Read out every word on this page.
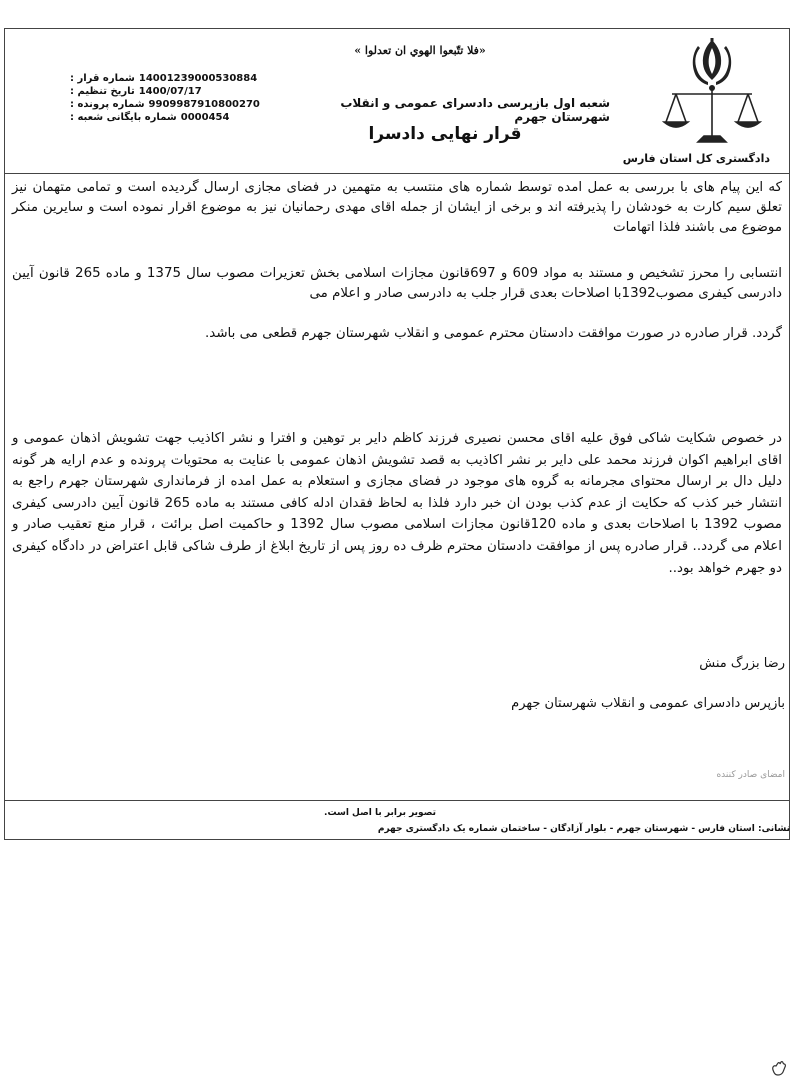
«فلا تتّبعوا الهوي ان تعدلوا »
شعبه اول بازپرسی دادسرای عمومی و انقلاب شهرستان جهرم
قرار نهایی دادسرا
دادگستری کل استان فارس
شماره قرار : 14001239000530884
تاریخ تنظیم : 1400/07/17
شماره پرونده : 9909987910800270
شماره بایگانی شعبه : 0000454
که این پیام های با بررسی به عمل امده توسط شماره های منتسب به متهمین در فضای مجازی ارسال گردیده است و تمامی متهمان نیز تعلق سیم کارت به خودشان را پذیرفته اند و برخی از ایشان از جمله اقای مهدی رحمانیان نیز به موضوع اقرار نموده است و سایرین منکر موضوع می باشند فلذا اتهامات
انتسابی را محرز تشخیص و مستند به مواد 609 و 697قانون مجازات اسلامی بخش تعزیرات مصوب سال 1375 و ماده 265 قانون آیین دادرسی کیفری مصوب1392با اصلاحات بعدی قرار جلب به دادرسی صادر و اعلام می
گردد. قرار صادره در صورت موافقت دادستان محترم عمومی و انقلاب شهرستان جهرم قطعی می باشد.
در خصوص شکایت شاکی فوق علیه اقای محسن نصیری فرزند کاظم دایر بر توهین و افترا و نشر اکاذیب جهت تشویش اذهان عمومی و اقای ابراهیم اکوان فرزند محمد علی دایر بر نشر اکاذیب به قصد تشویش اذهان عمومی با عنایت به محتویات پرونده و عدم ارایه هر گونه دلیل دال بر ارسال محتوای مجرمانه به گروه های موجود در فضای مجازی و استعلام به عمل امده از فرمانداری شهرستان جهرم راجع به انتشار خبر کذب که حکایت از عدم کذب بودن ان خبر دارد فلذا به لحاظ فقدان ادله کافی مستند به ماده 265 قانون آیین دادرسی کیفری مصوب 1392 با اصلاحات بعدی و ماده 120قانون مجازات اسلامی مصوب سال 1392 و حاکمیت اصل برائت ، قرار منع تعقیب صادر و اعلام می گردد.. قرار صادره پس از موافقت دادستان محترم ظرف ده روز پس از تاریخ ابلاغ از طرف شاکی قابل اعتراض در دادگاه کیفری دو جهرم خواهد بود..
رضا بزرگ منش
بازپرس دادسرای عمومی و انقلاب شهرستان جهرم
امضای صادر کننده
تصویر برابر با اصل است.
نشانی: استان فارس - شهرستان جهرم - بلوار آزادگان - ساختمان شماره یک دادگستری جهرم
